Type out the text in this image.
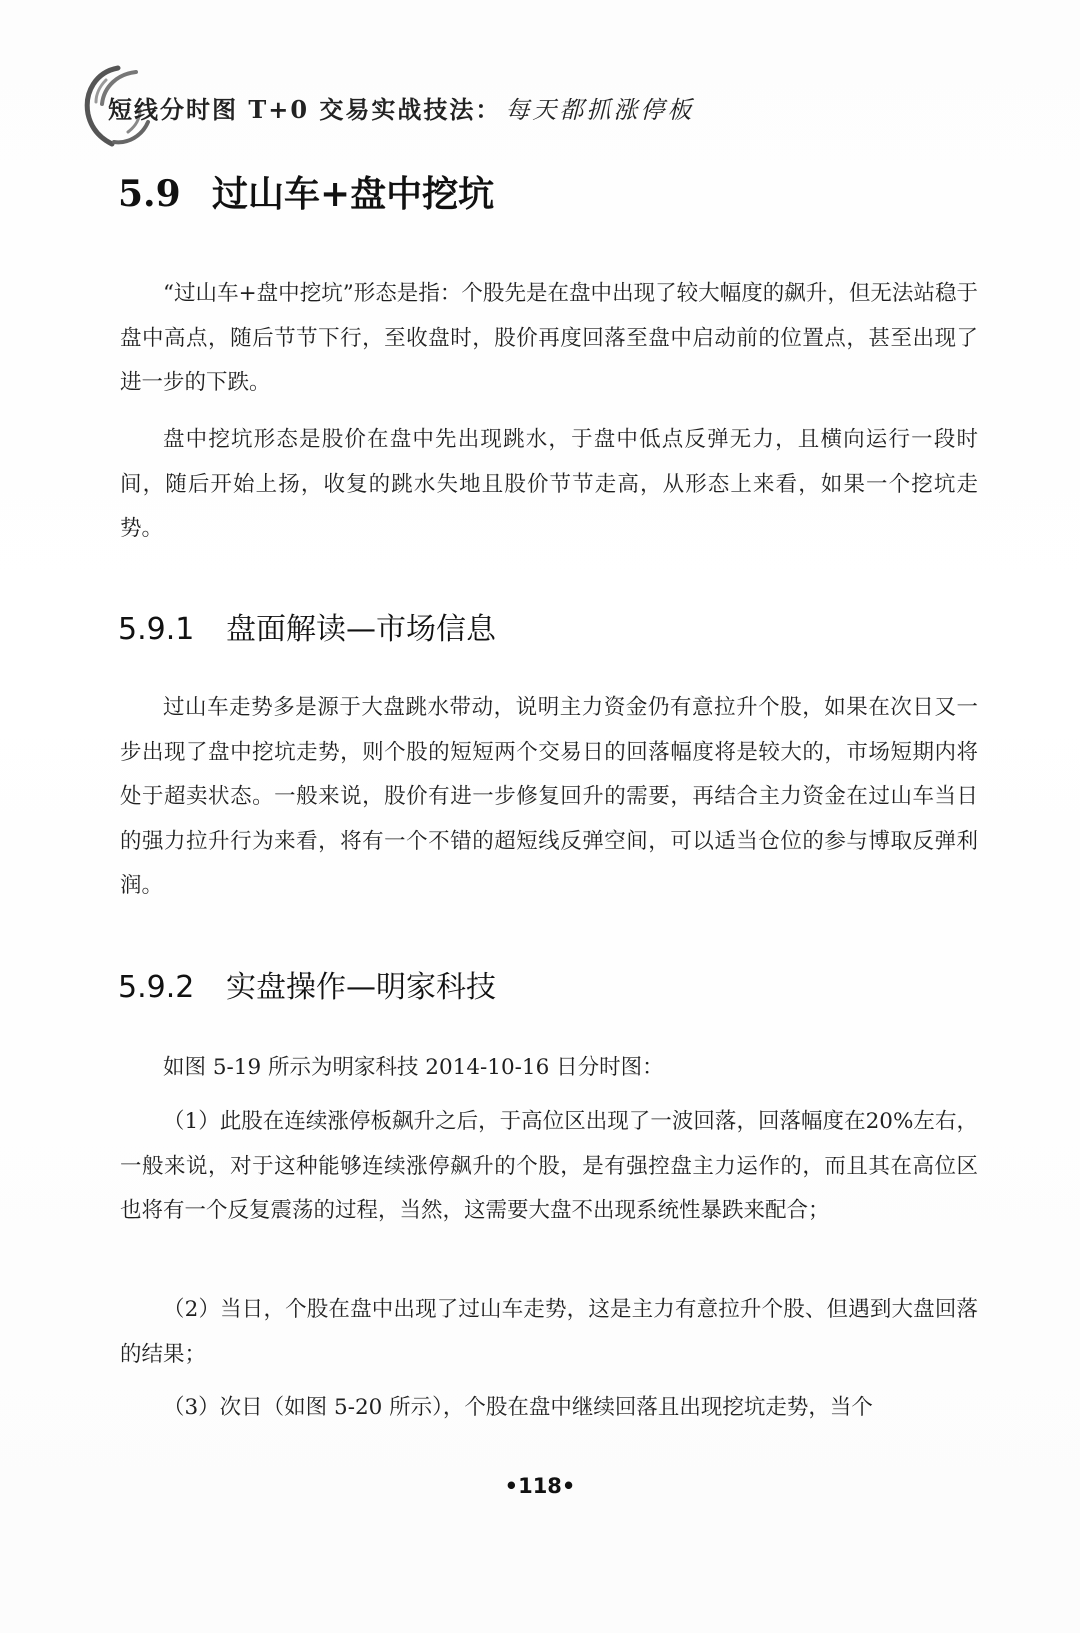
短线分时图 T+0 交易实战技法： 每天都抓涨停板
5.9 过山车+盘中挖坑

“过山车+盘中挖坑”形态是指：个股先是在盘中出现了较大幅度的飙升，但无法站稳于盘中高点，随后节节下行，至收盘时，股价再度回落至盘中启动前的位置点，甚至出现了进一步的下跌。

盘中挖坑形态是股价在盘中先出现跳水，于盘中低点反弹无力，且横向运行一段时间，随后开始上扬，收复的跳水失地且股价节节走高，从形态上来看，如果一个挖坑走势。

5.9.1 盘面解读—市场信息

过山车走势多是源于大盘跳水带动，说明主力资金仍有意拉升个股，如果在次日又一步出现了盘中挖坑走势，则个股的短短两个交易日的回落幅度将是较大的，市场短期内将处于超卖状态。一般来说，股价有进一步修复回升的需要，再结合主力资金在过山车当日的强力拉升行为来看，将有一个不错的超短线反弹空间，可以适当仓位的参与博取反弹利润。

5.9.2 实盘操作—明家科技

如图 5-19 所示为明家科技 2014-10-16 日分时图：

（1）此股在连续涨停板飙升之后，于高位区出现了一波回落，回落幅度在20%左右，一般来说，对于这种能够连续涨停飙升的个股，是有强控盘主力运作的，而且其在高位区也将有一个反复震荡的过程，当然，这需要大盘不出现系统性暴跌来配合；

（2）当日，个股在盘中出现了过山车走势，这是主力有意拉升个股、但遇到大盘回落的结果；

（3）次日（如图 5-20 所示），个股在盘中继续回落且出现挖坑走势，当个

•118•
